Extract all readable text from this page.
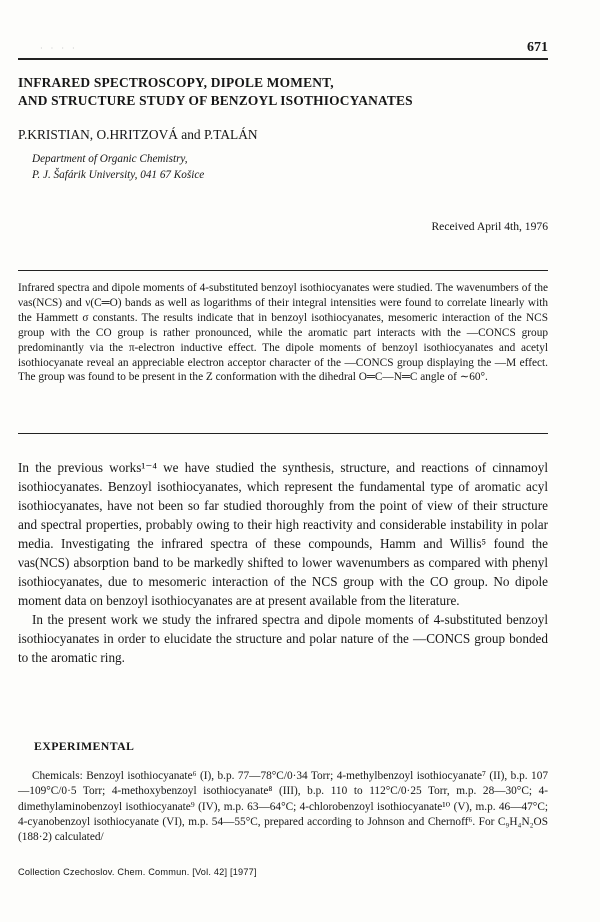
· · · ·	671
INFRARED SPECTROSCOPY, DIPOLE MOMENT,
AND STRUCTURE STUDY OF BENZOYL ISOTHIOCYANATES
P.KRISTIAN, O.HRITZOVÁ and P.TALÁN
Department of Organic Chemistry,
P. J. Šafárik University, 041 67 Košice
Received April 4th, 1976

Infrared spectra and dipole moments of 4-substituted benzoyl isothiocyanates were studied. The wavenumbers of the νas(NCS) and ν(C═O) bands as well as logarithms of their integral intensities were found to correlate linearly with the Hammett σ constants. The results indicate that in benzoyl isothiocyanates, mesomeric interaction of the NCS group with the CO group is rather pronounced, while the aromatic part interacts with the —CONCS group predominantly via the π-electron inductive effect. The dipole moments of benzoyl isothiocyanates and acetyl isothiocyanate reveal an appreciable electron acceptor character of the —CONCS group displaying the —M effect. The group was found to be present in the Z conformation with the dihedral O═C—N═C angle of ∼60°.

In the previous works¹⁻⁴ we have studied the synthesis, structure, and reactions of cinnamoyl isothiocyanates. Benzoyl isothiocyanates, which represent the fundamental type of aromatic acyl isothiocyanates, have not been so far studied thoroughly from the point of view of their structure and spectral properties, probably owing to their high reactivity and considerable instability in polar media. Investigating the infrared spectra of these compounds, Hamm and Willis⁵ found the νas(NCS) absorption band to be markedly shifted to lower wavenumbers as compared with phenyl isothiocyanates, due to mesomeric interaction of the NCS group with the CO group. No dipole moment data on benzoyl isothiocyanates are at present available from the literature.

In the present work we study the infrared spectra and dipole moments of 4-substituted benzoyl isothiocyanates in order to elucidate the structure and polar nature of the —CONCS group bonded to the aromatic ring.

EXPERIMENTAL

Chemicals: Benzoyl isothiocyanate⁶ (I), b.p. 77—78°C/0·34 Torr; 4-methylbenzoyl isothiocyanate⁷ (II), b.p. 107—109°C/0·5 Torr; 4-methoxybenzoyl isothiocyanate⁸ (III), b.p. 110 to 112°C/0·25 Torr, m.p. 28—30°C; 4-dimethylaminobenzoyl isothiocyanate⁹ (IV), m.p. 63—64°C; 4-chlorobenzoyl isothiocyanate¹⁰ (V), m.p. 46—47°C; 4-cyanobenzoyl isothiocyanate (VI), m.p. 54—55°C, prepared according to Johnson and Chernoff⁶. For C₉H₄N₂OS (188·2) calculated/

Collection Czechoslov. Chem. Commun. [Vol. 42] [1977]
